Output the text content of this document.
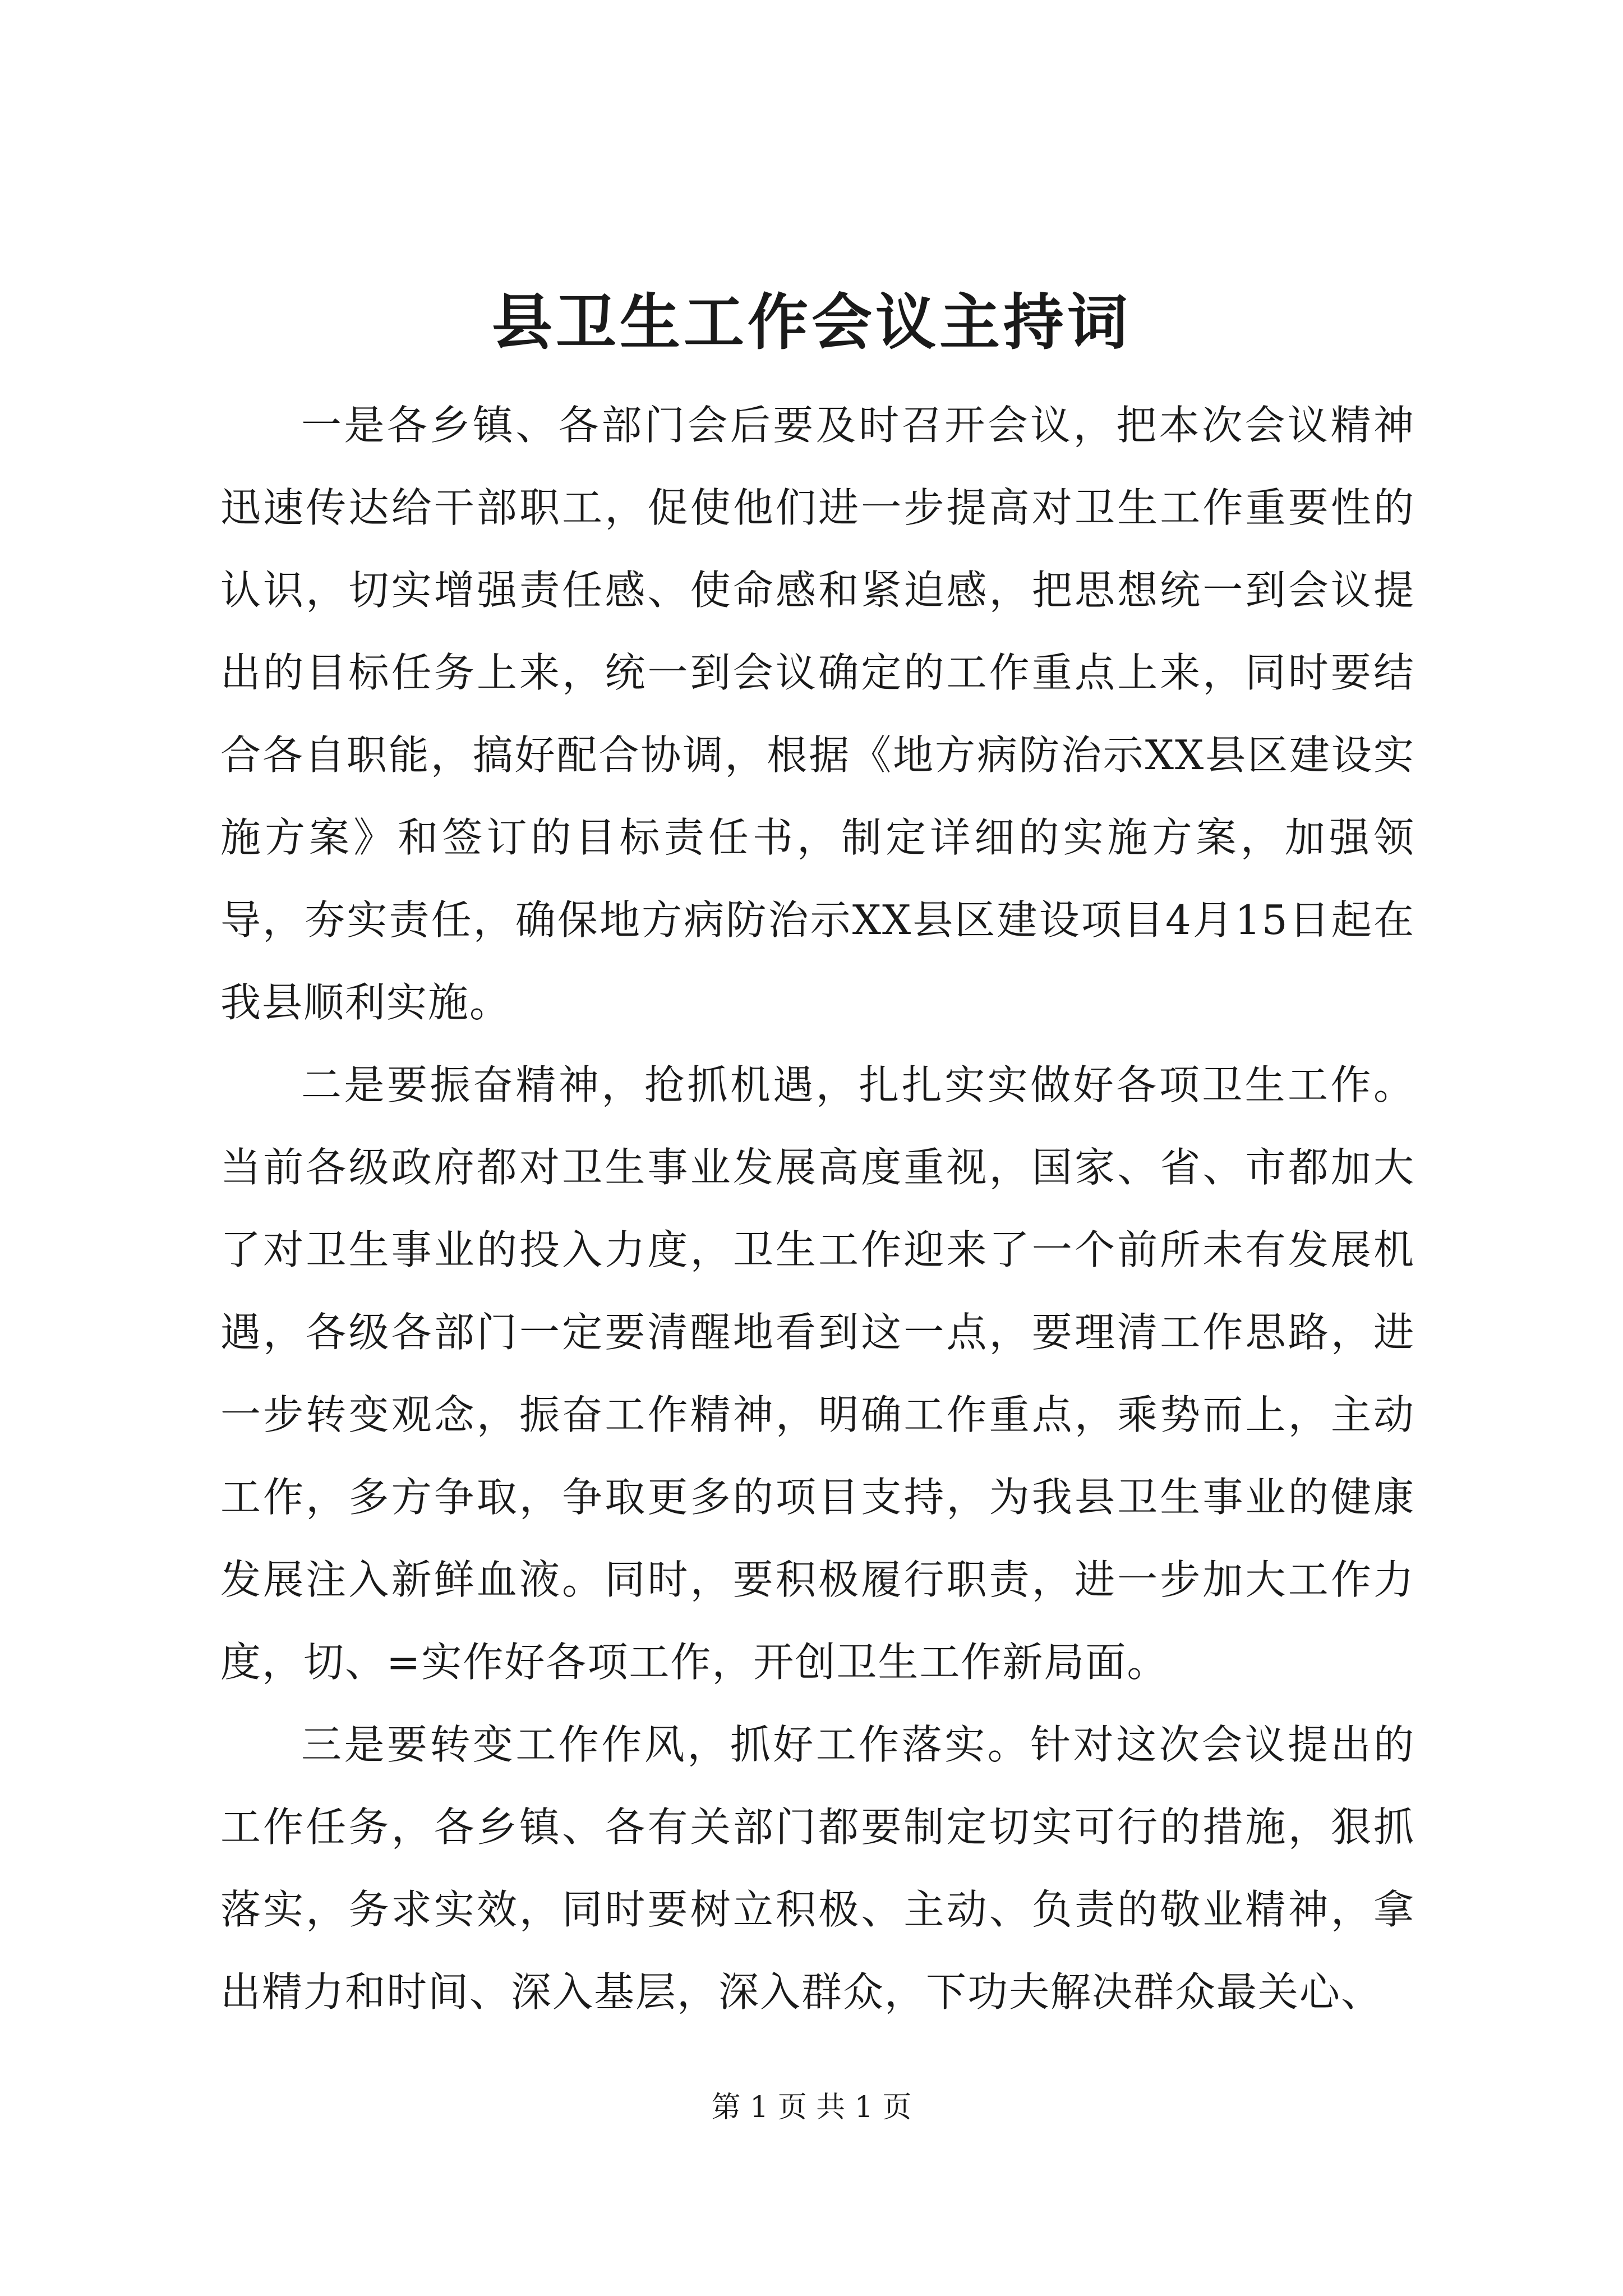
县卫生工作会议主持词

一是各乡镇、各部门会后要及时召开会议，把本次会议精神迅速传达给干部职工，促使他们进一步提高对卫生工作重要性的认识，切实增强责任感、使命感和紧迫感，把思想统一到会议提出的目标任务上来，统一到会议确定的工作重点上来，同时要结合各自职能，搞好配合协调，根据《地方病防治示XX县区建设实施方案》和签订的目标责任书，制定详细的实施方案，加强领导，夯实责任，确保地方病防治示XX县区建设项目4月15日起在我县顺利实施。

二是要振奋精神，抢抓机遇，扎扎实实做好各项卫生工作。当前各级政府都对卫生事业发展高度重视，国家、省、市都加大了对卫生事业的投入力度，卫生工作迎来了一个前所未有发展机遇，各级各部门一定要清醒地看到这一点，要理清工作思路，进一步转变观念，振奋工作精神，明确工作重点，乘势而上，主动工作，多方争取，争取更多的项目支持，为我县卫生事业的健康发展注入新鲜血液。同时，要积极履行职责，进一步加大工作力度，切、=实作好各项工作，开创卫生工作新局面。

三是要转变工作作风，抓好工作落实。针对这次会议提出的工作任务，各乡镇、各有关部门都要制定切实可行的措施，狠抓落实，务求实效，同时要树立积极、主动、负责的敬业精神，拿出精力和时间、深入基层，深入群众，下功夫解决群众最关心、

第 1 页 共 1 页
